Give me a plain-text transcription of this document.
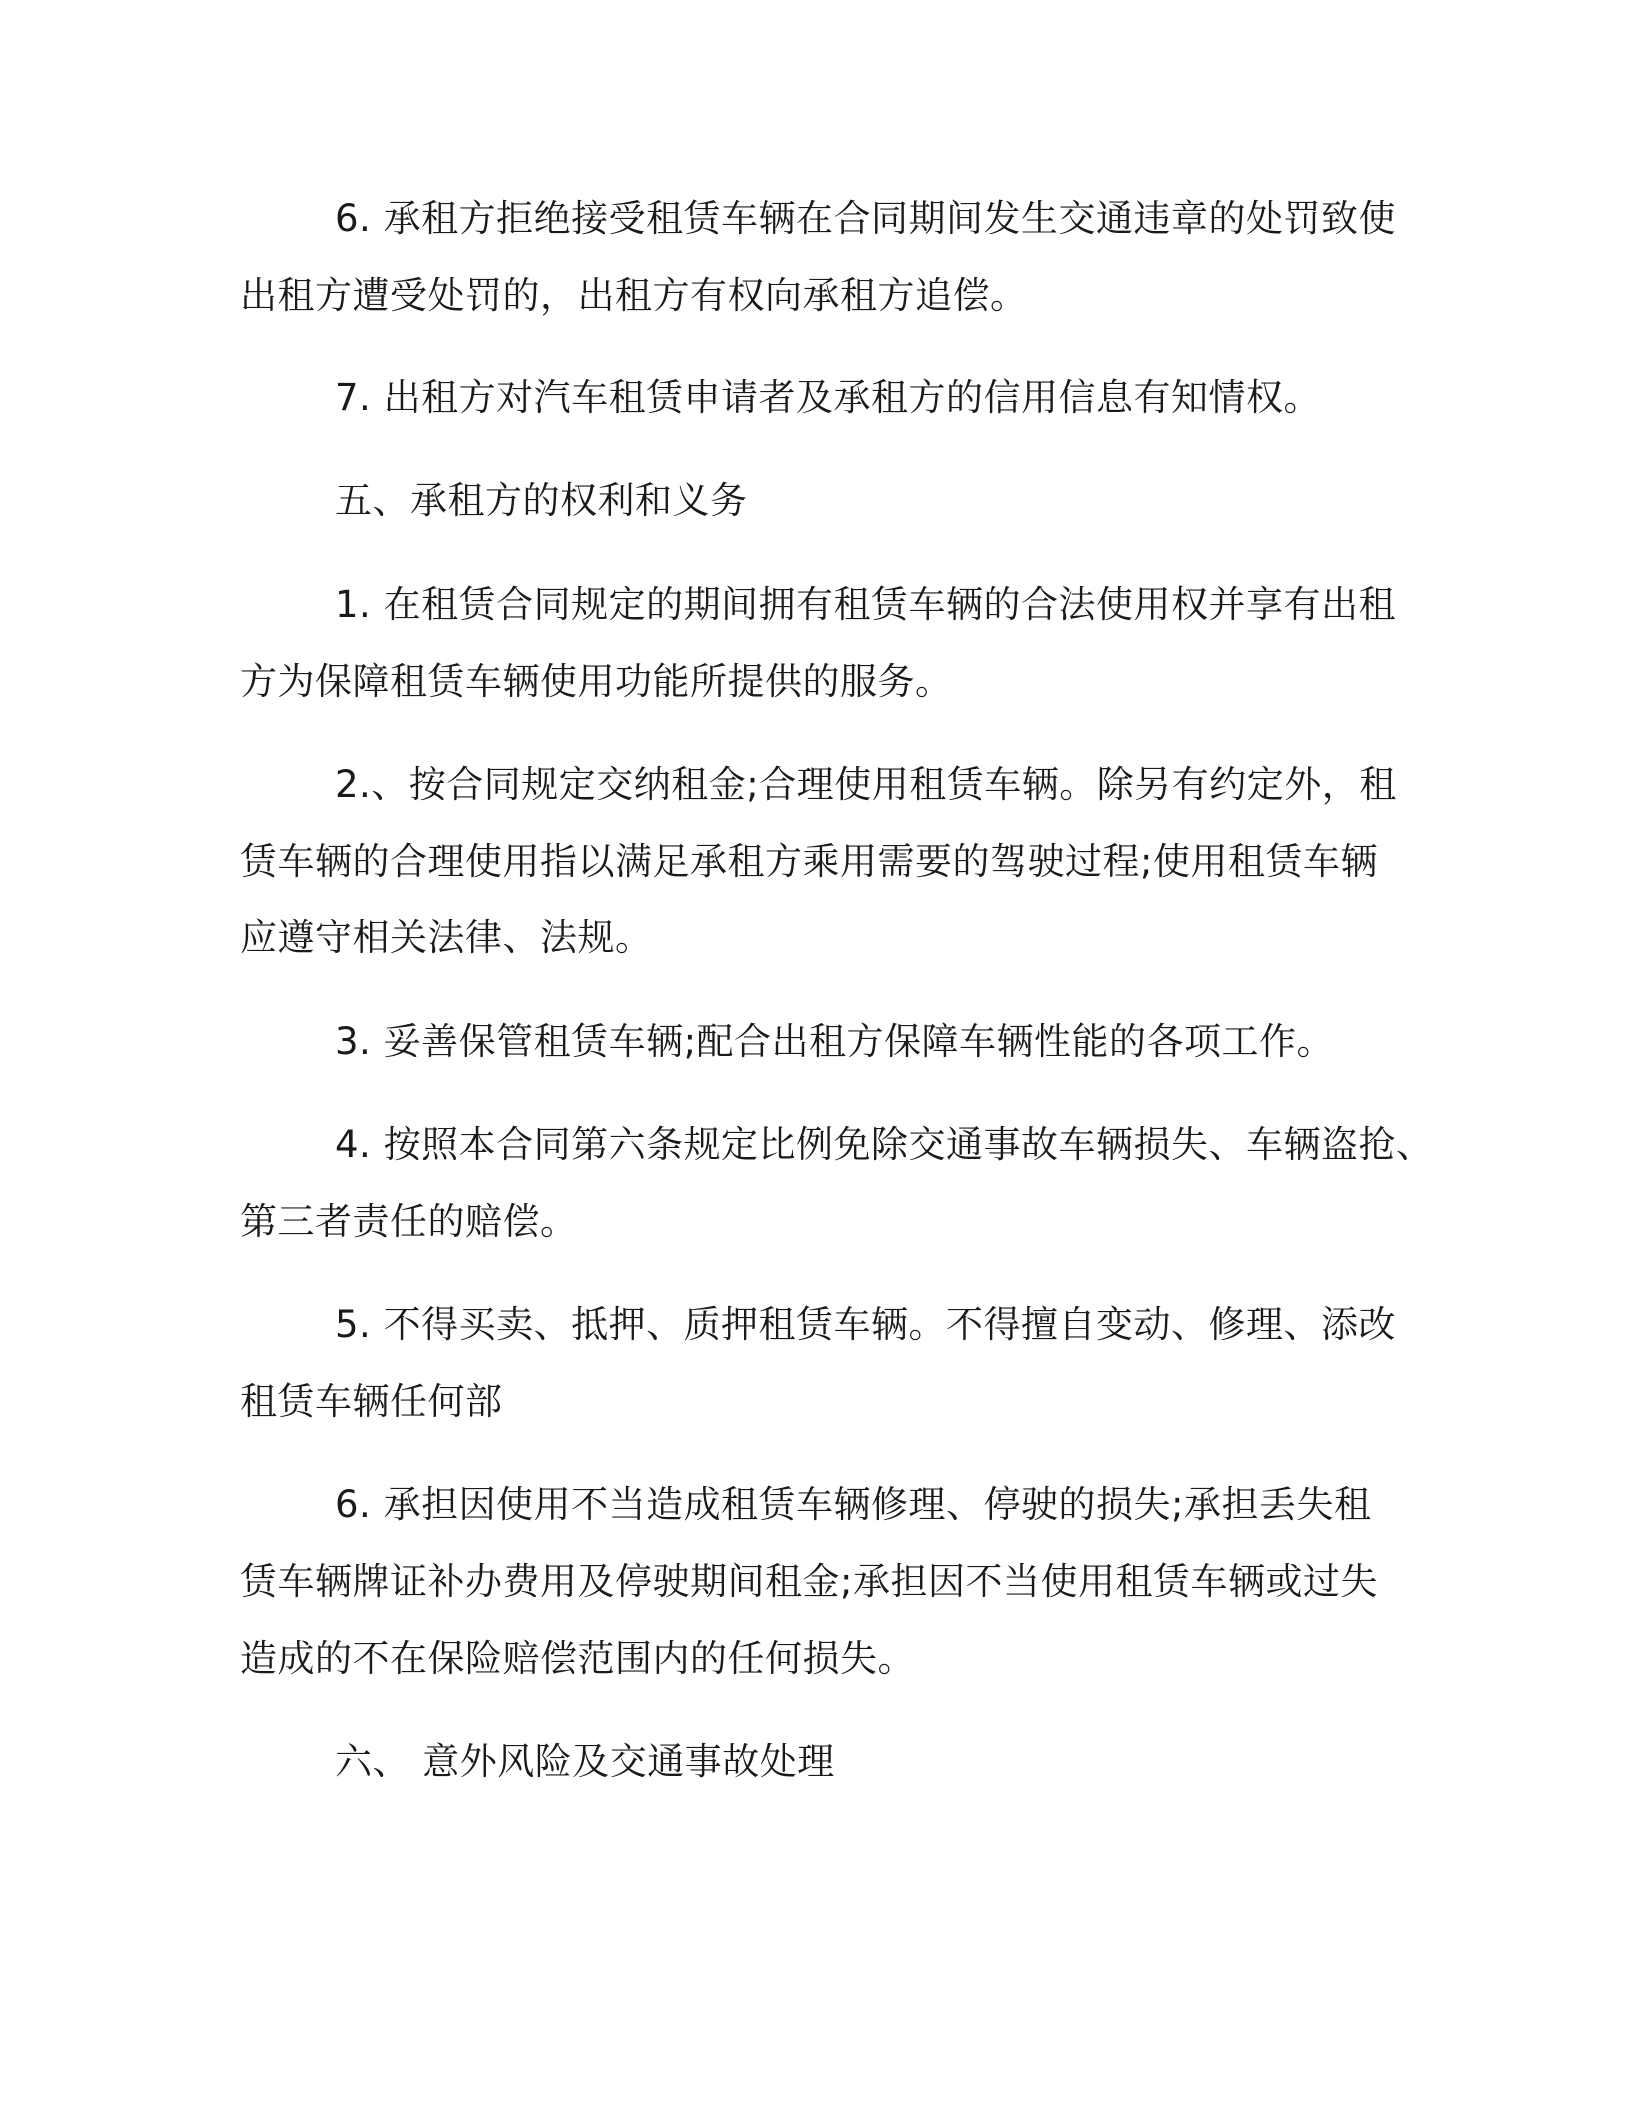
6. 承租方拒绝接受租赁车辆在合同期间发生交通违章的处罚致使
出租方遭受处罚的，出租方有权向承租方追偿。
7. 出租方对汽车租赁申请者及承租方的信用信息有知情权。
五、承租方的权利和义务
1. 在租赁合同规定的期间拥有租赁车辆的合法使用权并享有出租
方为保障租赁车辆使用功能所提供的服务。
2.、按合同规定交纳租金;合理使用租赁车辆。除另有约定外，租
赁车辆的合理使用指以满足承租方乘用需要的驾驶过程;使用租赁车辆
应遵守相关法律、法规。
3. 妥善保管租赁车辆;配合出租方保障车辆性能的各项工作。
4. 按照本合同第六条规定比例免除交通事故车辆损失、车辆盗抢、
第三者责任的赔偿。
5. 不得买卖、抵押、质押租赁车辆。不得擅自变动、修理、添改
租赁车辆任何部
6. 承担因使用不当造成租赁车辆修理、停驶的损失;承担丢失租
赁车辆牌证补办费用及停驶期间租金;承担因不当使用租赁车辆或过失
造成的不在保险赔偿范围内的任何损失。
六、 意外风险及交通事故处理
